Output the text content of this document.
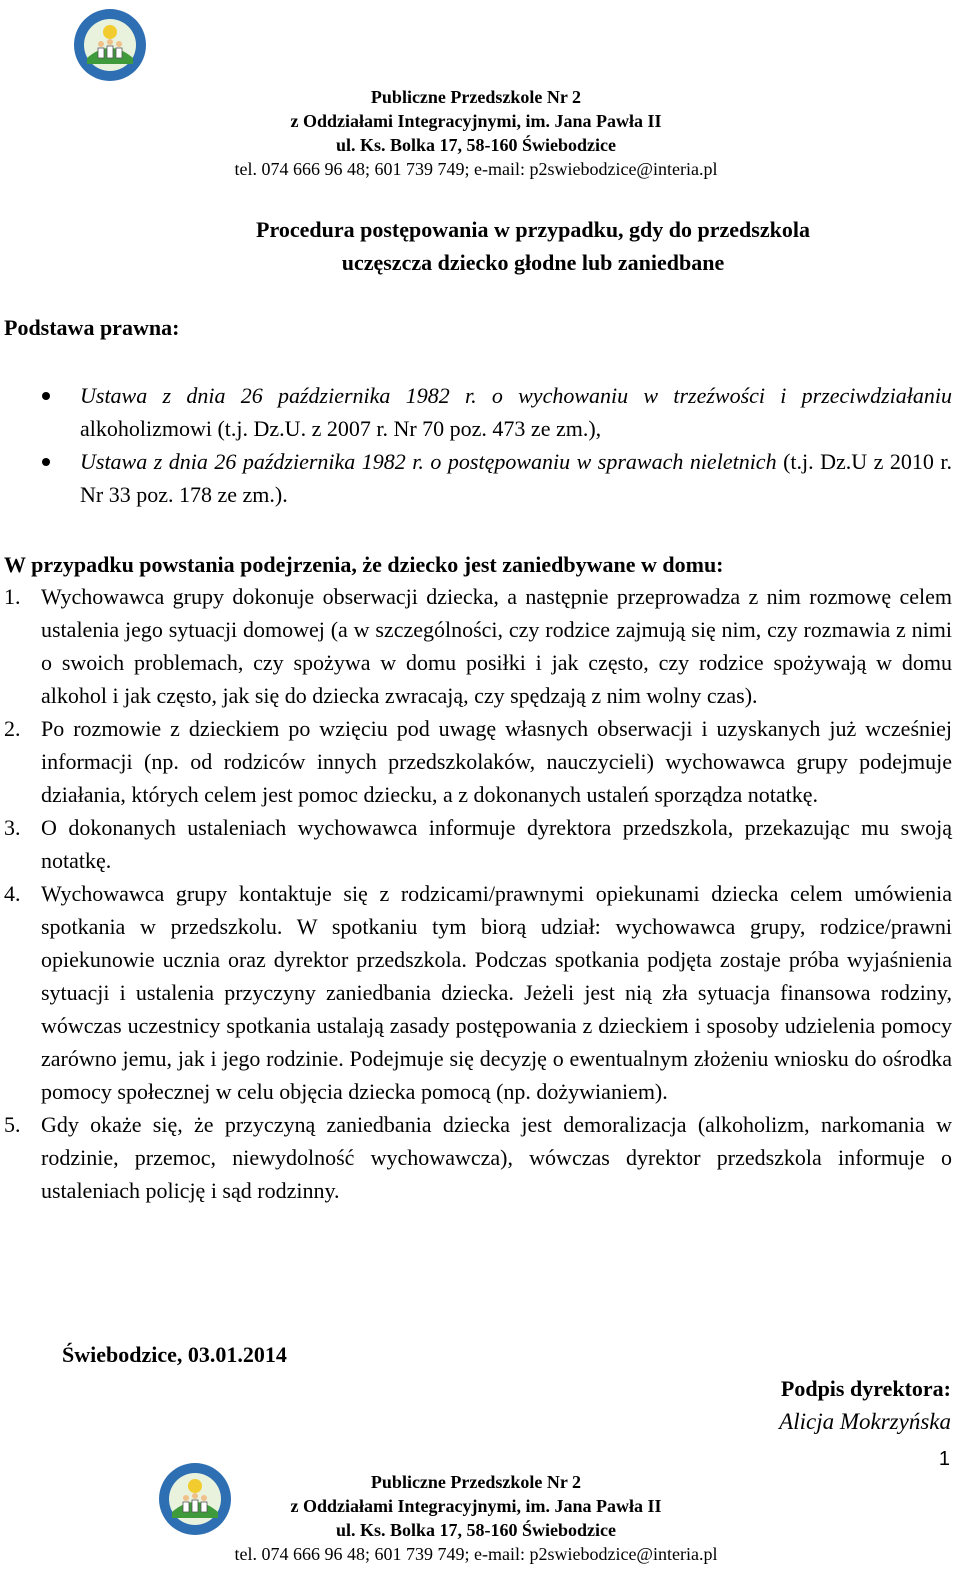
Publiczne Przedszkole Nr 2
z Oddziałami Integracyjnymi, im. Jana Pawła II
ul. Ks. Bolka 17, 58-160 Świebodzice
tel. 074 666 96 48; 601 739 749; e-mail: p2swiebodzice@interia.pl
Procedura postępowania w przypadku, gdy do przedszkola
uczęszcza dziecko głodne lub zaniedbane
Podstawa prawna:
Ustawa z dnia 26 października 1982 r. o wychowaniu w trzeźwości i przeciwdziałaniu alkoholizmowi (t.j. Dz.U. z 2007 r. Nr 70 poz. 473 ze zm.),
Ustawa z dnia 26 października 1982 r. o postępowaniu w sprawach nieletnich (t.j. Dz.U z 2010 r. Nr 33 poz. 178 ze zm.).
W przypadku powstania podejrzenia, że dziecko jest zaniedbywane w domu:
1. Wychowawca grupy dokonuje obserwacji dziecka, a następnie przeprowadza z nim rozmowę celem ustalenia jego sytuacji domowej (a w szczególności, czy rodzice zajmują się nim, czy rozmawia z nimi o swoich problemach, czy spożywa w domu posiłki i jak często, czy rodzice spożywają w domu alkohol i jak często, jak się do dziecka zwracają, czy spędzają z nim wolny czas).
2. Po rozmowie z dzieckiem po wzięciu pod uwagę własnych obserwacji i uzyskanych już wcześniej informacji (np. od rodziców innych przedszkolaków, nauczycieli) wychowawca grupy podejmuje działania, których celem jest pomoc dziecku, a z dokonanych ustaleń sporządza notatkę.
3. O dokonanych ustaleniach wychowawca informuje dyrektora przedszkola, przekazując mu swoją notatkę.
4. Wychowawca grupy kontaktuje się z rodzicami/prawnymi opiekunami dziecka celem umówienia spotkania w przedszkolu. W spotkaniu tym biorą udział: wychowawca grupy, rodzice/prawni opiekunowie ucznia oraz dyrektor przedszkola. Podczas spotkania podjęta zostaje próba wyjaśnienia sytuacji i ustalenia przyczyny zaniedbania dziecka. Jeżeli jest nią zła sytuacja finansowa rodziny, wówczas uczestnicy spotkania ustalają zasady postępowania z dzieckiem i sposoby udzielenia pomocy zarówno jemu, jak i jego rodzinie. Podejmuje się decyzję o ewentualnym złożeniu wniosku do ośrodka pomocy społecznej w celu objęcia dziecka pomocą (np. dożywianiem).
5. Gdy okaże się, że przyczyną zaniedbania dziecka jest demoralizacja (alkoholizm, narkomania w rodzinie, przemoc, niewydolność wychowawcza), wówczas dyrektor przedszkola informuje o ustaleniach policję i sąd rodzinny.
Świebodzice, 03.01.2014
Podpis dyrektora:
Alicja Mokrzyńska
1
Publiczne Przedszkole Nr 2
z Oddziałami Integracyjnymi, im. Jana Pawła II
ul. Ks. Bolka 17, 58-160 Świebodzice
tel. 074 666 96 48; 601 739 749; e-mail: p2swiebodzice@interia.pl
